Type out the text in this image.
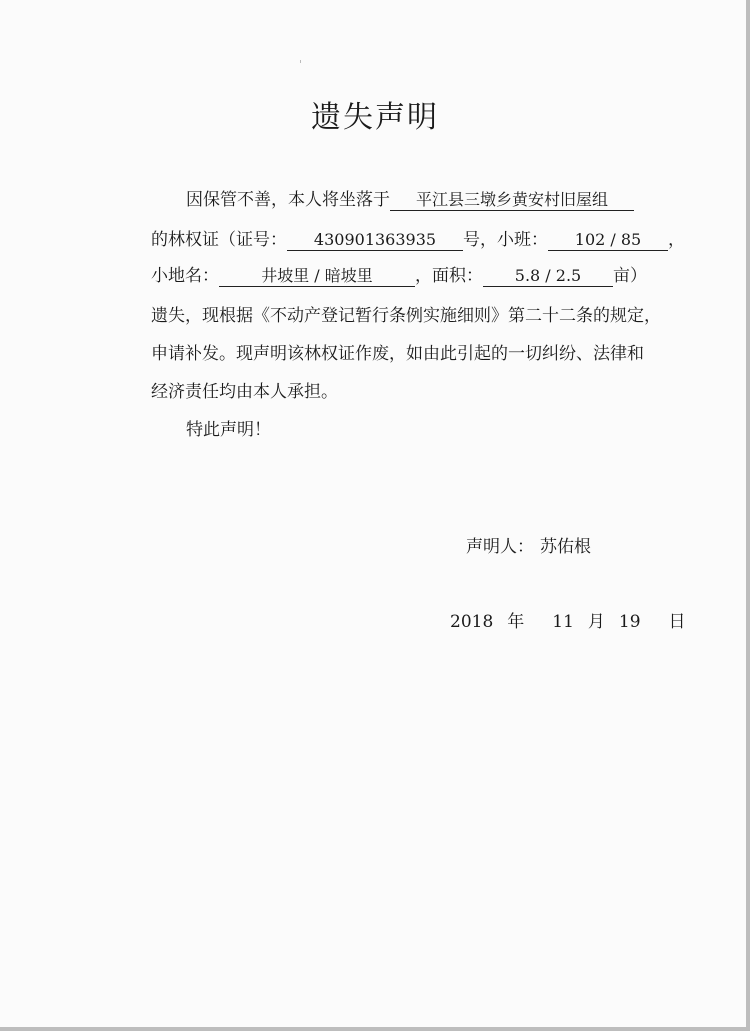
遗失声明
因保管不善，本人将坐落于 平江县三墩乡黄安村旧屋组
的林权证（证号： 430901363935 号，小班： 102 / 85 ，
小地名：	井坡里 / 暗坡里 ，面积： 5.8 / 2.5 亩）
遗失，现根据《不动产登记暂行条例实施细则》第二十二条的规定，
申请补发。现声明该林权证作废，如由此引起的一切纠纷、法律和
经济责任均由本人承担。
特此声明！
声明人： 苏佑根
2018 年 11 月 19 日
